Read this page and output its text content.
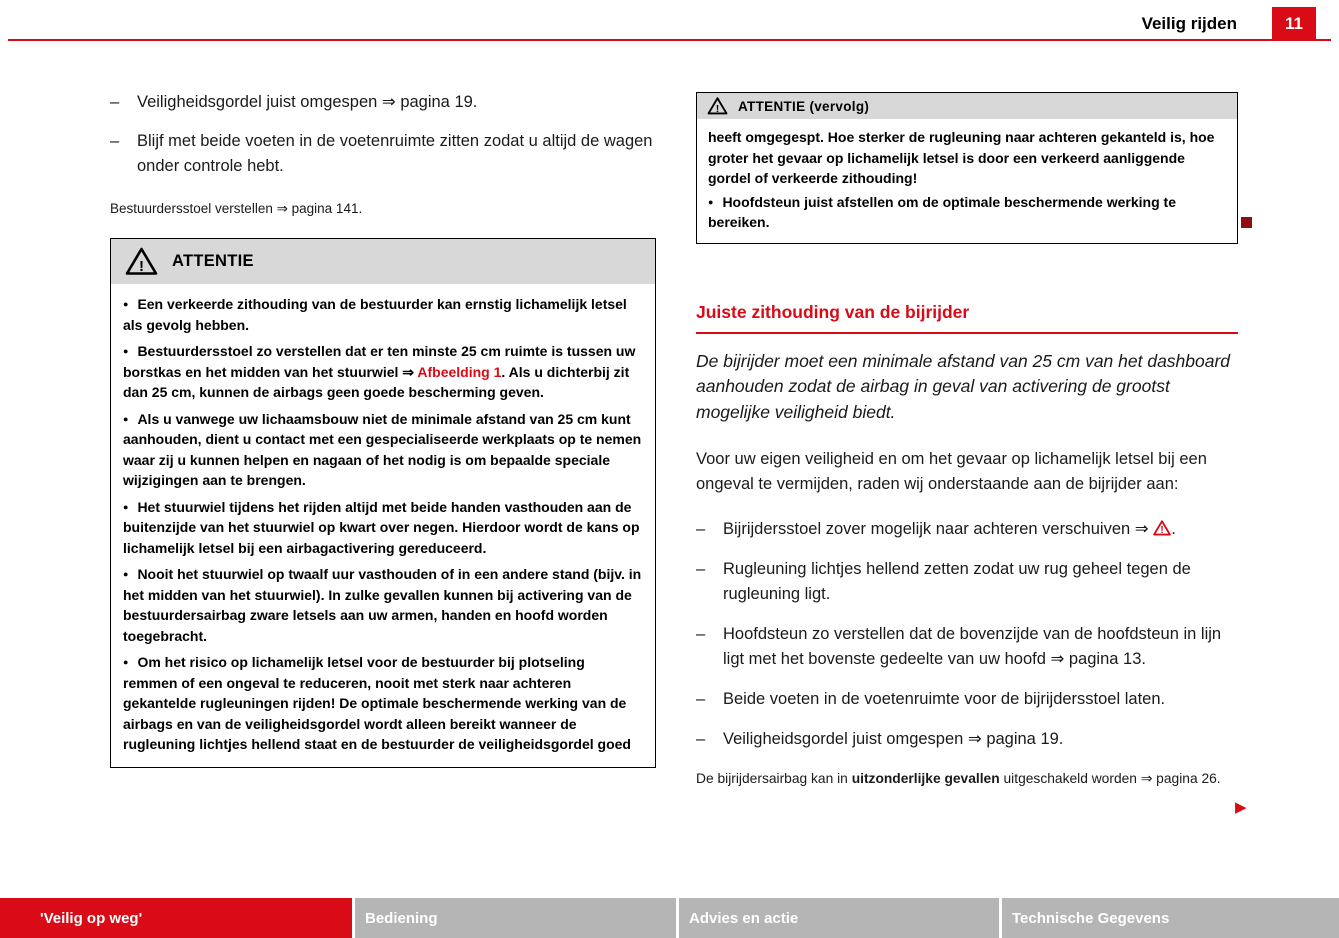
Veilig rijden	11
–	Veiligheidsgordel juist omgespen ⇒ pagina 19.
–	Blijf met beide voeten in de voetenruimte zitten zodat u altijd de wagen onder controle hebt.

Bestuurdersstoel verstellen ⇒ pagina 141.

! ATTENTIE

● Een verkeerde zithouding van de bestuurder kan ernstig lichamelijk letsel als gevolg hebben.

● Bestuurdersstoel zo verstellen dat er ten minste 25 cm ruimte is tussen uw borstkas en het midden van het stuurwiel ⇒ Afbeelding 1. Als u dichterbij zit dan 25 cm, kunnen de airbags geen goede bescherming geven.

● Als u vanwege uw lichaamsbouw niet de minimale afstand van 25 cm kunt aanhouden, dient u contact met een gespecialiseerde werkplaats op te nemen waar zij u kunnen helpen en nagaan of het nodig is om bepaalde speciale wijzigingen aan te brengen.

● Het stuurwiel tijdens het rijden altijd met beide handen vasthouden aan de buitenzijde van het stuurwiel op kwart over negen. Hierdoor wordt de kans op lichamelijk letsel bij een airbagactivering gereduceerd.

● Nooit het stuurwiel op twaalf uur vasthouden of in een andere stand (bijv. in het midden van het stuurwiel). In zulke gevallen kunnen bij activering van de bestuurdersairbag zware letsels aan uw armen, handen en hoofd worden toegebracht.

● Om het risico op lichamelijk letsel voor de bestuurder bij plotseling remmen of een ongeval te reduceren, nooit met sterk naar achteren gekantelde rugleuningen rijden! De optimale beschermende werking van de airbags en van de veiligheidsgordel wordt alleen bereikt wanneer de rugleuning lichtjes hellend staat en de bestuurder de veiligheidsgordel goed

! ATTENTIE (vervolg)

heeft omgegespt. Hoe sterker de rugleuning naar achteren gekanteld is, hoe groter het gevaar op lichamelijk letsel is door een verkeerd aanliggende gordel of verkeerde zithouding!

● Hoofdsteun juist afstellen om de optimale beschermende werking te bereiken.

Juiste zithouding van de bijrijder

De bijrijder moet een minimale afstand van 25 cm van het dashboard aanhouden zodat de airbag in geval van activering de grootst mogelijke veiligheid biedt.

Voor uw eigen veiligheid en om het gevaar op lichamelijk letsel bij een ongeval te vermijden, raden wij onderstaande aan de bijrijder aan:

–	Bijrijdersstoel zover mogelijk naar achteren verschuiven ⇒ ! .
–	Rugleuning lichtjes hellend zetten zodat uw rug geheel tegen de rugleuning ligt.
–	Hoofdsteun zo verstellen dat de bovenzijde van de hoofdsteun in lijn ligt met het bovenste gedeelte van uw hoofd ⇒ pagina 13.
–	Beide voeten in de voetenruimte voor de bijrijdersstoel laten.
–	Veiligheidsgordel juist omgespen ⇒ pagina 19.

De bijrijdersairbag kan in uitzonderlijke gevallen uitgeschakeld worden ⇒ pagina 26.

▶
'Veilig op weg'	Bediening	Advies en actie	Technische Gegevens
